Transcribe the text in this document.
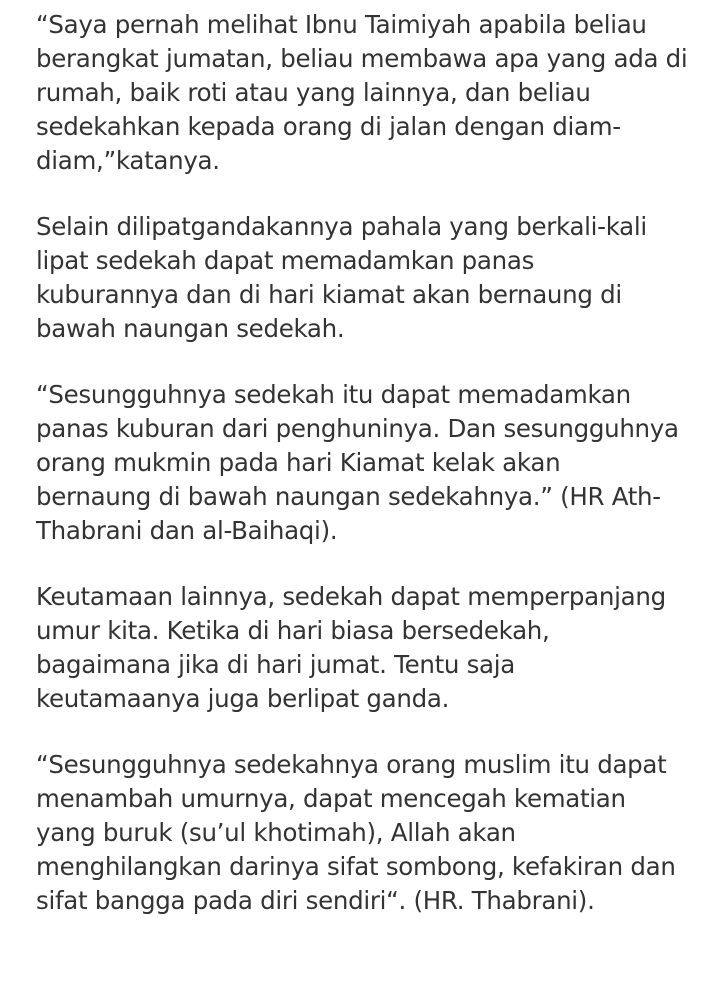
“Saya pernah melihat Ibnu Taimiyah apabila beliau
berangkat jumatan, beliau membawa apa yang ada di
rumah, baik roti atau yang lainnya, dan beliau
sedekahkan kepada orang di jalan dengan diam-
diam,”katanya.

Selain dilipatgandakannya pahala yang berkali-kali
lipat sedekah dapat memadamkan panas
kuburannya dan di hari kiamat akan bernaung di
bawah naungan sedekah.

“Sesungguhnya sedekah itu dapat memadamkan
panas kuburan dari penghuninya. Dan sesungguhnya
orang mukmin pada hari Kiamat kelak akan
bernaung di bawah naungan sedekahnya.” (HR Ath-
Thabrani dan al-Baihaqi).

Keutamaan lainnya, sedekah dapat memperpanjang
umur kita. Ketika di hari biasa bersedekah,
bagaimana jika di hari jumat. Tentu saja
keutamaanya juga berlipat ganda.

“Sesungguhnya sedekahnya orang muslim itu dapat
menambah umurnya, dapat mencegah kematian
yang buruk (su’ul khotimah), Allah akan
menghilangkan darinya sifat sombong, kefakiran dan
sifat bangga pada diri sendiri“. (HR. Thabrani).
